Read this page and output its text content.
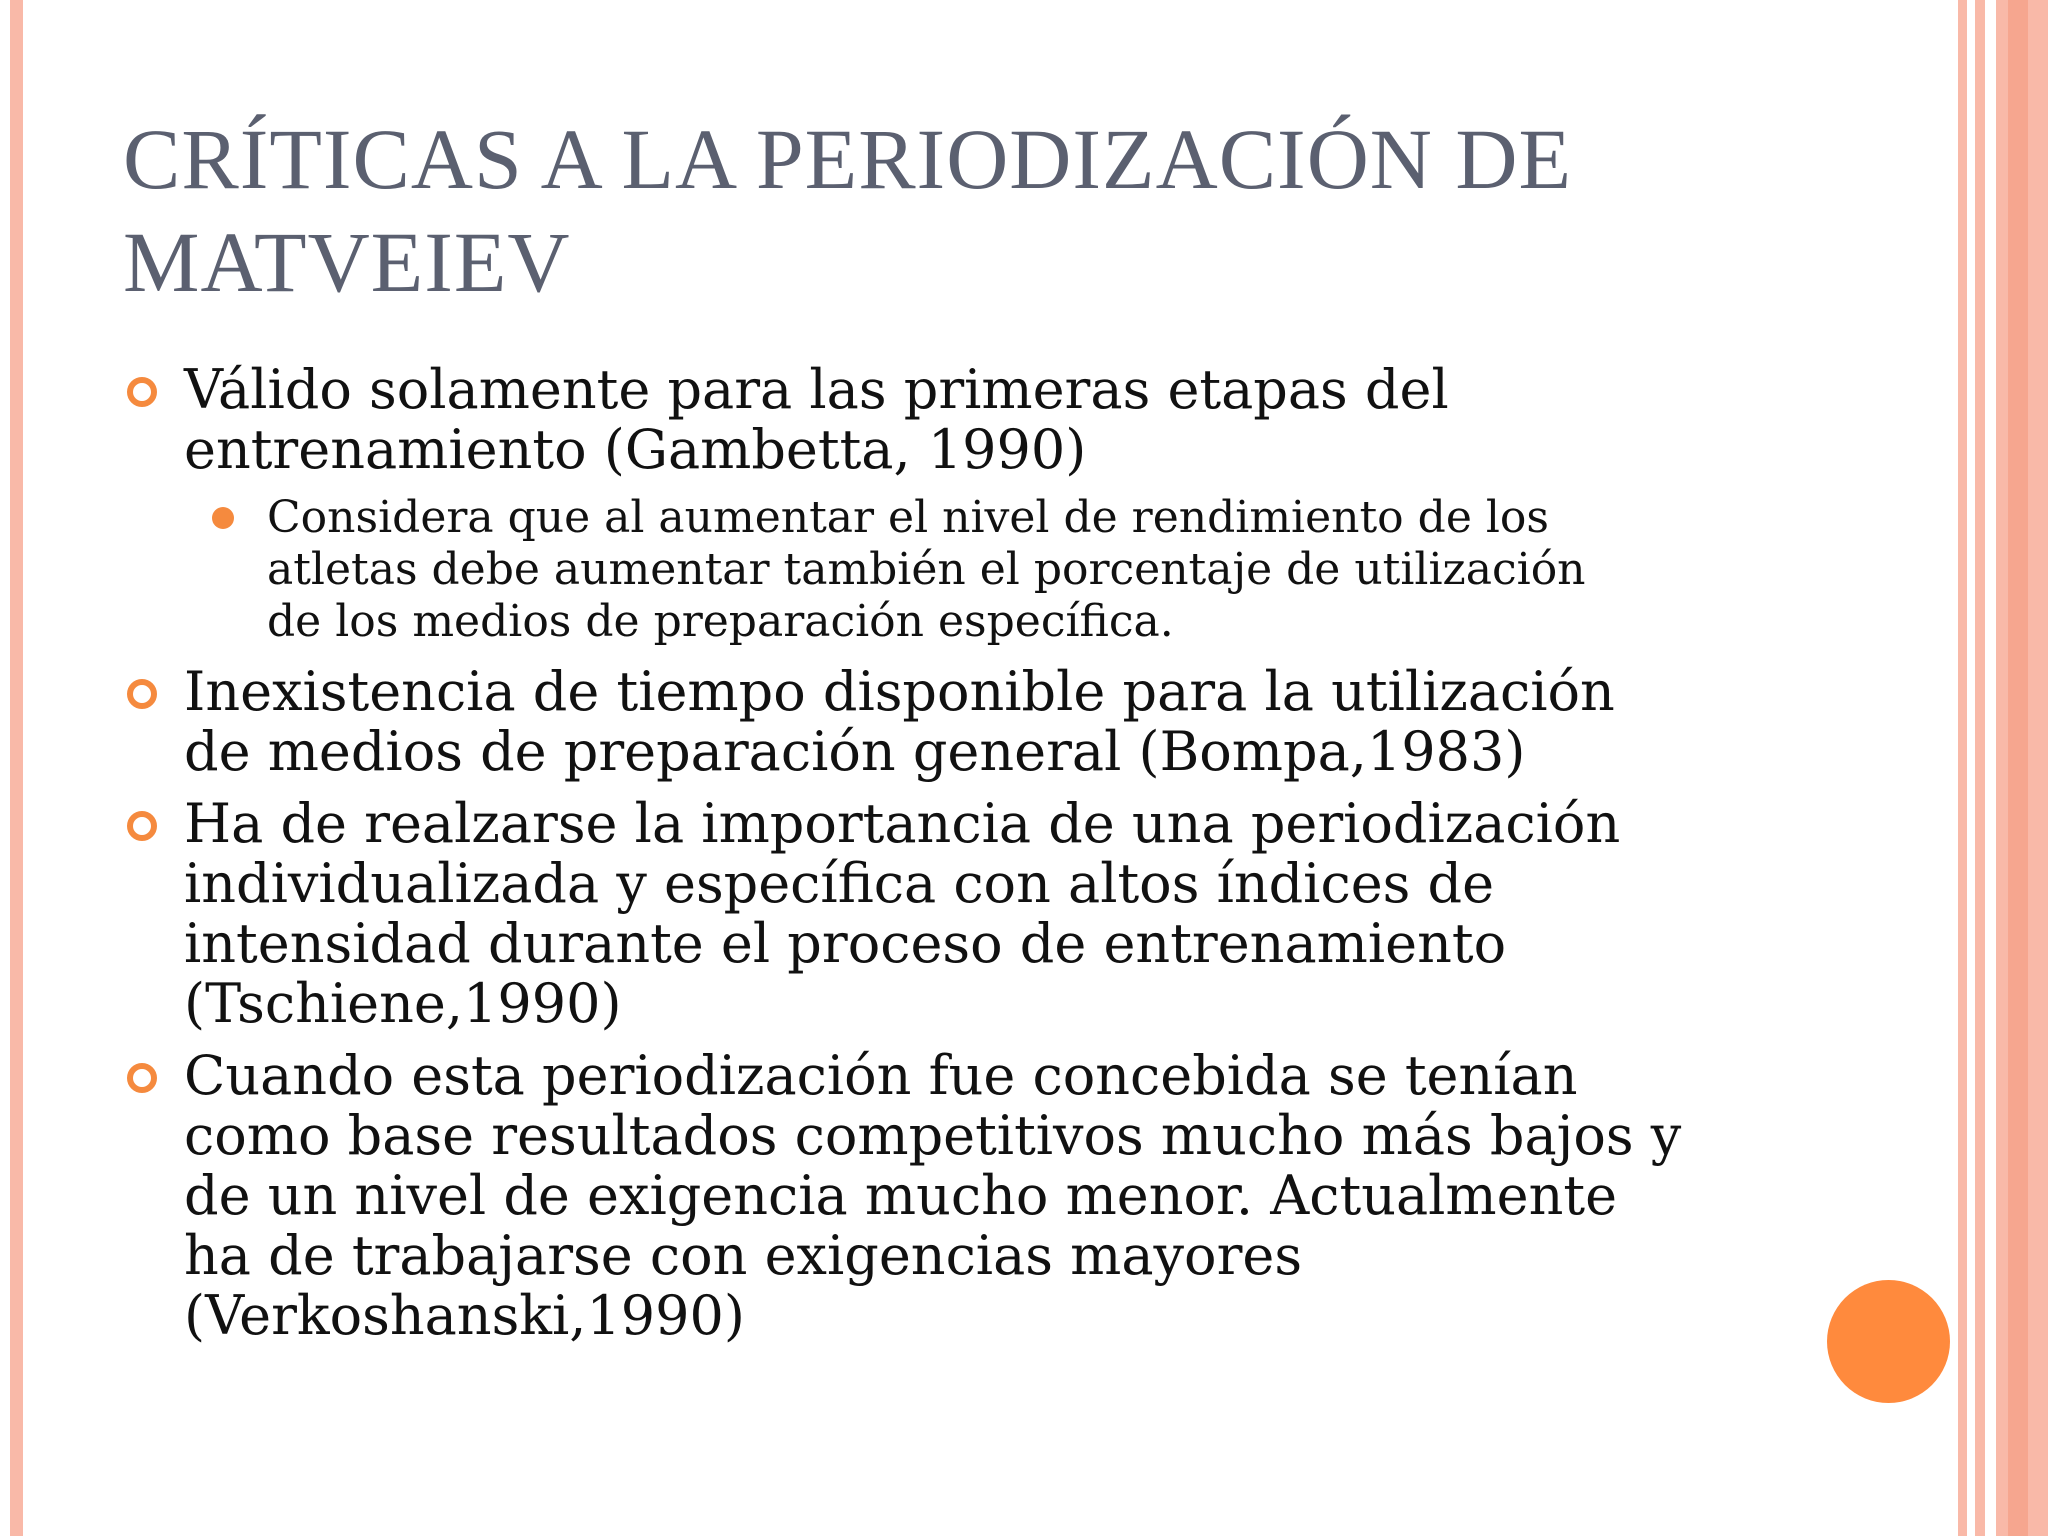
CRÍTICAS A LA PERIODIZACIÓN DE
MATVEIEV
Válido solamente para las primeras etapas del
entrenamiento (Gambetta, 1990)
Considera que al aumentar el nivel de rendimiento de los
atletas debe aumentar también el porcentaje de utilización
de los medios de preparación específica.
Inexistencia de tiempo disponible para la utilización
de medios de preparación general (Bompa,1983)
Ha de realzarse la importancia de una periodización
individualizada y específica con altos índices de
intensidad durante el proceso de entrenamiento
(Tschiene,1990)
Cuando esta periodización fue concebida se tenían
como base resultados competitivos mucho más bajos y
de un nivel de exigencia mucho menor. Actualmente
ha de trabajarse con exigencias mayores
(Verkoshanski,1990)
